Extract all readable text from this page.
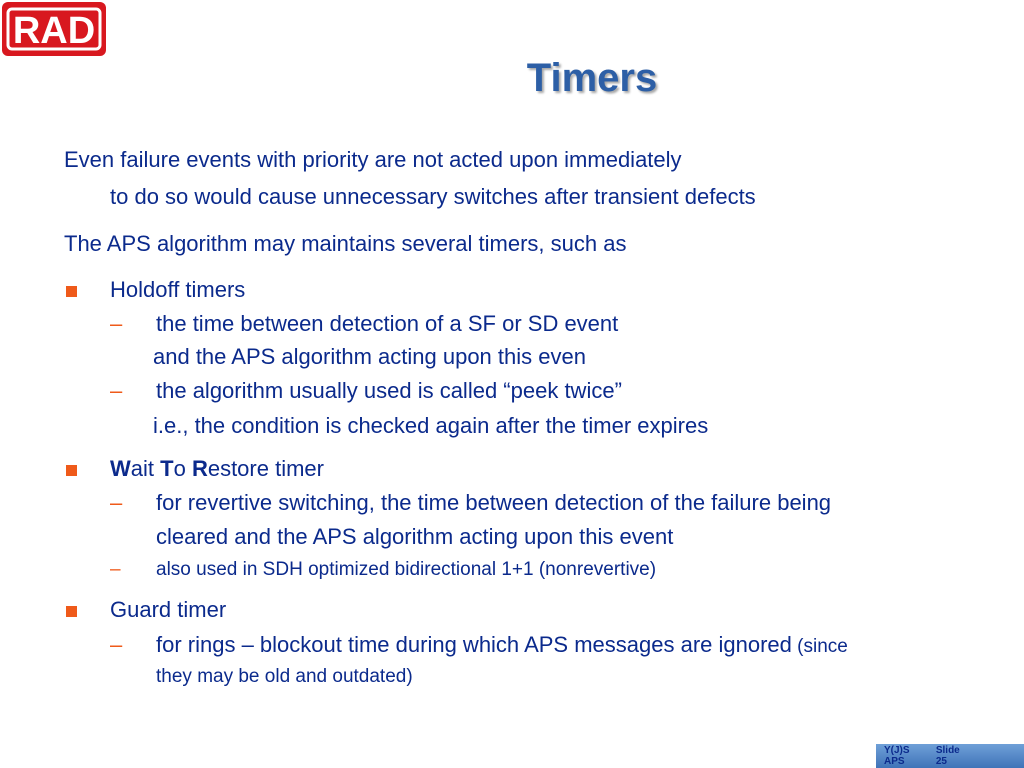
RAD
Timers
Even failure events with priority are not acted upon immediately
to do so would cause unnecessary switches after transient defects
The APS algorithm may maintains several timers, such as
Holdoff timers
– the time between detection of a SF or SD event
and the APS algorithm acting upon this even
– the algorithm usually used is called “peek twice”
i.e., the condition is checked again after the timer expires
Wait To Restore timer
– for revertive switching, the time between detection of the failure being
cleared and the APS algorithm acting upon this event
– also used in SDH optimized bidirectional 1+1 (nonrevertive)
Guard timer
– for rings – blockout time during which APS messages are ignored (since
they may be old and outdated)
Y(J)S APS
Slide 25
